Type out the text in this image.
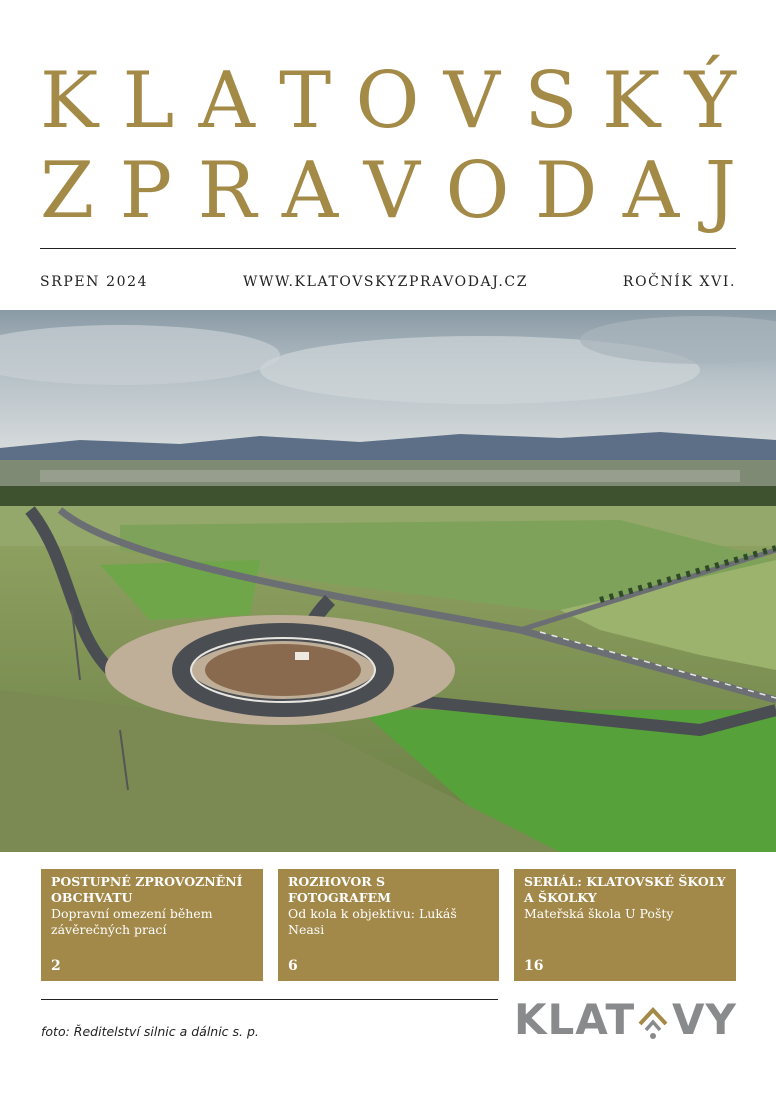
K L A T O V S K Ý
Z P R A V O D A J
SRPEN 2024	WWW.KLATOVSKYZPRAVODAJ.CZ	ROČNÍK XVI.
POSTUPNÉ ZPROVOZNĚNÍ OBCHVATU
Dopravní omezení během závěrečných prací
2
ROZHOVOR S FOTOGRAFEM
Od kola k objektivu: Lukáš Neasi
6
SERIÁL: KLATOVSKÉ ŠKOLY A ŠKOLKY
Mateřská škola U Pošty
16
foto: Ředitelství silnic a dálnic s. p.	KLAT VY
